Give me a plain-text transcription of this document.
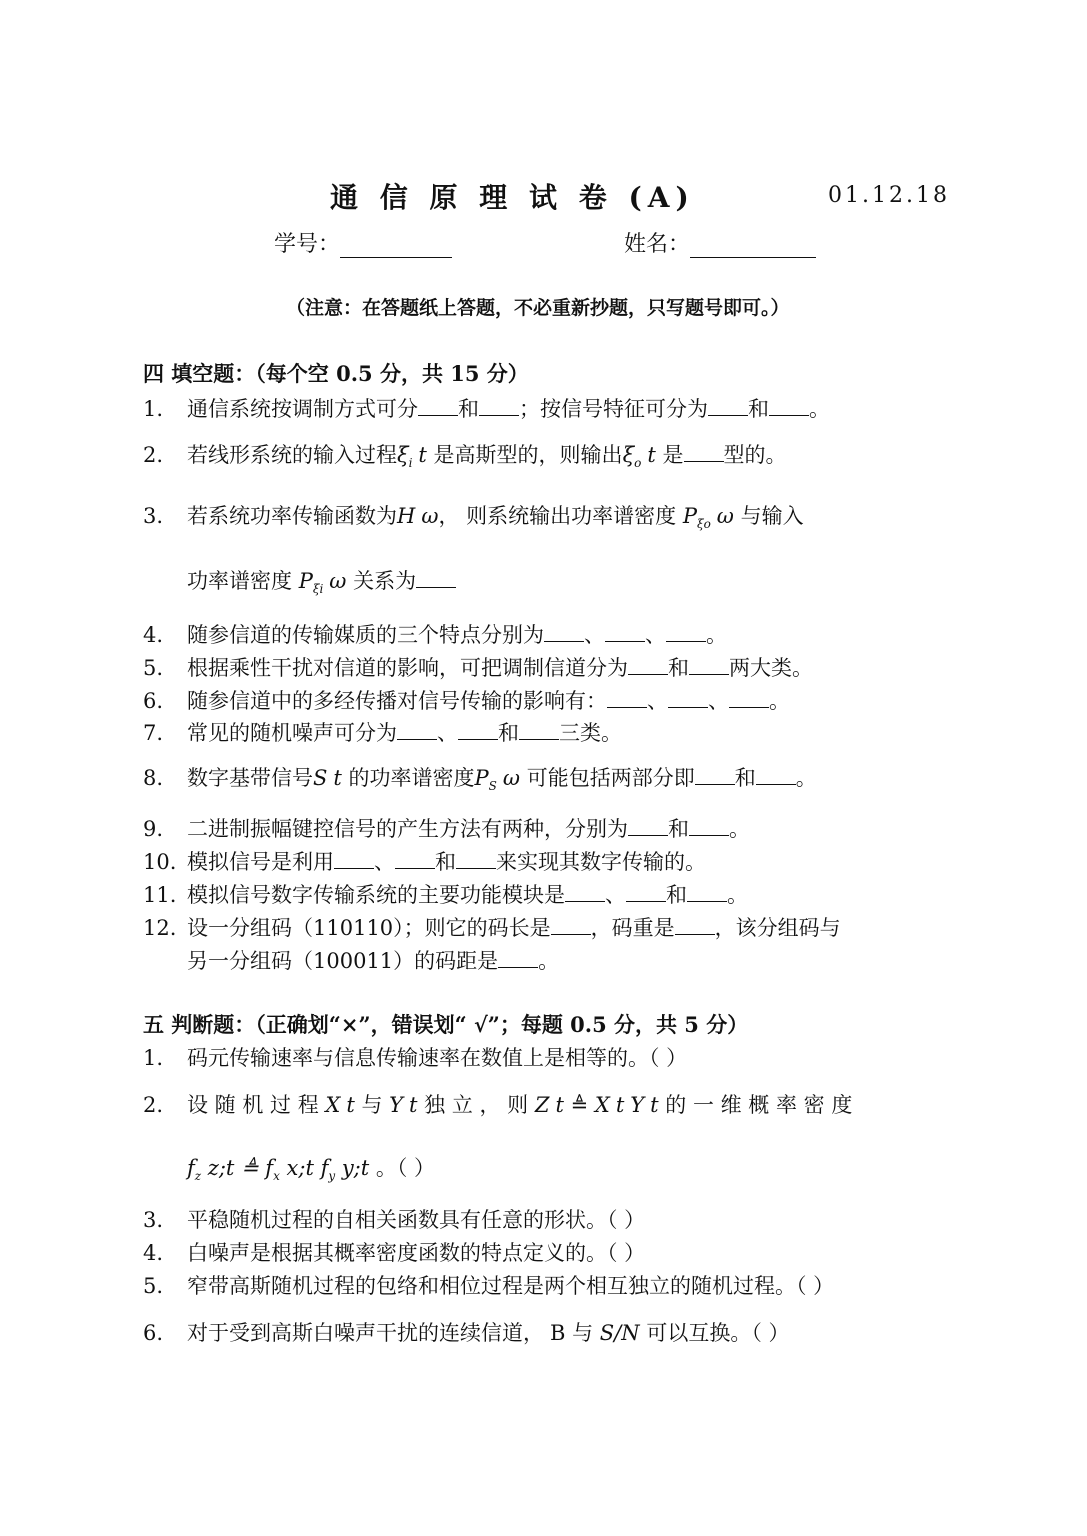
通 信 原 理 试 卷 (A)	01.12.18
学号：	姓名：
（注意：在答题纸上答题，不必重新抄题，只写题号即可。）
四 填空题：（每个空 0.5 分，共 15 分）
1. 通信系统按调制方式可分 和 ；按信号特征可分为 和 。
2. 若线形系统的输入过程$\xi_i$ t 是高斯型的，则输出$\xi_o$ t 是 型的。
3. 若系统功率传输函数为H ω， 则系统输出功率谱密度 $P_{\xi o}$ ω 与输入
功率谱密度 $P_{\xi i}$ ω 关系为
4. 随参信道的传输媒质的三个特点分别为 、 、 。
5. 根据乘性干扰对信道的影响，可把调制信道分为 和 两大类。
6. 随参信道中的多经传播对信号传输的影响有： 、 、 。
7. 常见的随机噪声可分为 、 和 三类。
8. 数字基带信号S t 的功率谱密度$P_S$ ω 可能包括两部分即 和 。
9. 二进制振幅键控信号的产生方法有两种，分别为 和 。
10. 模拟信号是利用 、 和 来实现其数字传输的。
11. 模拟信号数字传输系统的主要功能模块是 、 和 。
12. 设一分组码（110110）；则它的码长是 ，码重是 ，该分组码与
另一分组码（100011）的码距是 。
五 判断题：（正确划“×”，错误划“ √”；每题 0.5 分，共 5 分）
1. 码元传输速率与信息传输速率在数值上是相等的。（ ）
2. 设 随 机 过 程 X t 与 Y t 独 立 ， 则 Z t ≜ X t Y t 的 一 维 概 率 密 度
$f_z$ z;t ≜ $f_x$ x;t $f_y$ y;t 。（ ）
3. 平稳随机过程的自相关函数具有任意的形状。（ ）
4. 白噪声是根据其概率密度函数的特点定义的。（ ）
5. 窄带高斯随机过程的包络和相位过程是两个相互独立的随机过程。（ ）
6. 对于受到高斯白噪声干扰的连续信道， B 与 S/N 可以互换。（ ）
